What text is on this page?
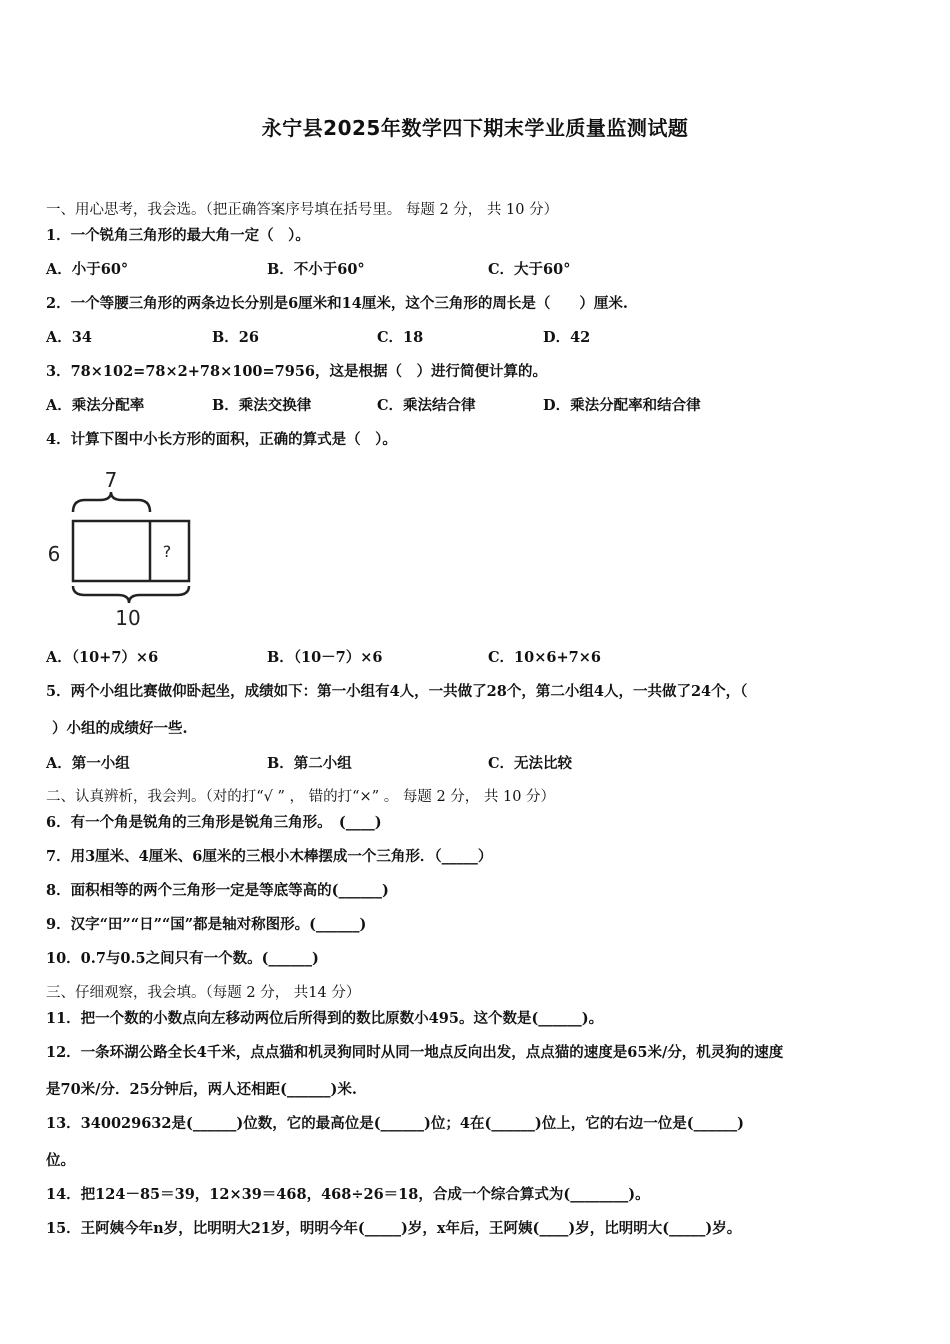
永宁县2025年数学四下期末学业质量监测试题
一、用心思考，我会选。（把正确答案序号填在括号里。 每题 2 分， 共 10 分）
1．一个锐角三角形的最大角一定（　）。
A．小于60°	B．不小于60°	C．大于60°
2．一个等腰三角形的两条边长分别是6厘米和14厘米，这个三角形的周长是（　　）厘米.
A．34	B．26	C．18	D．42
3．78×102=78×2+78×100=7956，这是根据（　）进行简便计算的。
A．乘法分配率	B．乘法交换律	C．乘法结合律	D．乘法分配率和结合律
4．计算下图中小长方形的面积，正确的算式是（　）。
7
6	?
10
A．（10+7）×6	B．（10－7）×6	C．10×6+7×6
5．两个小组比赛做仰卧起坐，成绩如下：第一小组有4人，一共做了28个，第二小组4人，一共做了24个，（
）小组的成绩好一些.
A．第一小组	B．第二小组	C．无法比较
二、认真辨析，我会判。（对的打“√ ” ， 错的打“×” 。 每题 2 分， 共 10 分）
6．有一个角是锐角的三角形是锐角三角形。　(____)
7．用3厘米、4厘米、6厘米的三根小木棒摆成一个三角形．（_____）
8．面积相等的两个三角形一定是等底等高的(______)
9．汉字“田”“日”“国”都是轴对称图形。(______)
10．0.7与0.5之间只有一个数。(______)
三、仔细观察，我会填。（每题 2 分， 共14 分）
11．把一个数的小数点向左移动两位后所得到的数比原数小495。这个数是(______)。
12．一条环湖公路全长4千米，点点猫和机灵狗同时从同一地点反向出发，点点猫的速度是65米/分，机灵狗的速度
是70米/分．25分钟后，两人还相距(______)米.
13．340029632是(______)位数，它的最高位是(______)位；4在(______)位上，它的右边一位是(______)
位。
14．把124－85＝39，12×39＝468，468÷26＝18，合成一个综合算式为(________)。
15．王阿姨今年n岁，比明明大21岁，明明今年(_____)岁，x年后，王阿姨(____)岁，比明明大(_____)岁。
